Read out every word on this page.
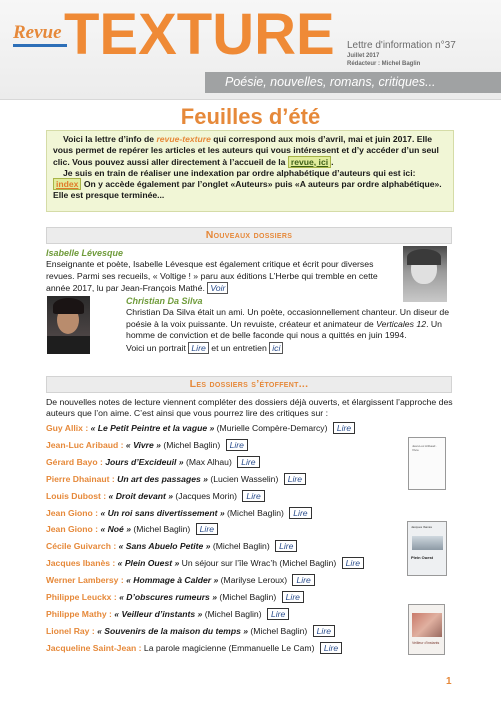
Revue TEXTURE Lettre d'information n°37
Juillet 2017
Rédacteur : Michel Baglin
Poésie, nouvelles, romans, critiques...
Feuilles d’été

Voici la lettre d’info de revue-texture qui correspond aux mois d’avril, mai et juin 2017. Elle vous permet de repérer les articles et les auteurs qui vous intéressent et d’y accéder d’un seul clic. Vous pouvez aussi aller directement à l’accueil de la revue, ici .

Je suis en train de réaliser une indexation par ordre alphabétique d’auteurs qui est ici:

index On y accède également par l’onglet «Auteurs» puis «A auteurs par ordre alphabétique». Elle est presque terminée...

Nouveaux dossiers
Isabelle Lévesque
Enseignante et poète, Isabelle Lévesque est également critique et écrit pour diverses revues. Parmi ses recueils, « Voltige ! » paru aux éditions L’Herbe qui tremble en cette année 2017, lu par Jean-François Mathé. Voir
Christian Da Silva
Christian Da Silva était un ami. Un poète, occasionnellement chanteur. Un diseur de poésie à la voix puissante. Un revuiste, créateur et animateur de Verticales 12. Un homme de conviction et de belle faconde qui nous a quittés en juin 1994.
Voici un portrait Lire et un entretien ici
Les dossiers s’étoffent...
De nouvelles notes de lecture viennent compléter des dossiers déjà ouverts, et élargissent l’approche des auteurs que l’on aime. C’est ainsi que vous pourrez lire des critiques sur :
Guy Allix : « Le Petit Peintre et la vague » (Murielle Compère-Demarcy) Lire
Jean-Luc Aribaud : « Vivre » (Michel Baglin) Lire
Gérard Bayo : Jours d’Excideuil » (Max Alhau) Lire
Pierre Dhainaut : Un art des passages » (Lucien Wasselin) Lire
Louis Dubost : « Droit devant » (Jacques Morin) Lire
Jean Giono : « Un roi sans divertissement » (Michel Baglin) Lire
Jean Giono : « Noé » (Michel Baglin) Lire
Cécile Guivarch : « Sans Abuelo Petite » (Michel Baglin) Lire
Jacques Ibanès : « Plein Ouest » Un séjour sur l’île Wrac’h (Michel Baglin) Lire
Werner Lambersy : « Hommage à Calder » (Marilyse Leroux) Lire
Philippe Leuckx : « D’obscures rumeurs » (Michel Baglin) Lire
Philippe Mathy : « Veilleur d’instants » (Michel Baglin) Lire
Lionel Ray : « Souvenirs de la maison du temps » (Michel Baglin) Lire
Jacqueline Saint-Jean : La parole magicienne (Emmanuelle Le Cam) Lire
Jean-Luc Aribaud · Vivre
Jacques Ibanès
Plein Ouest
Veilleur d’instants
1
